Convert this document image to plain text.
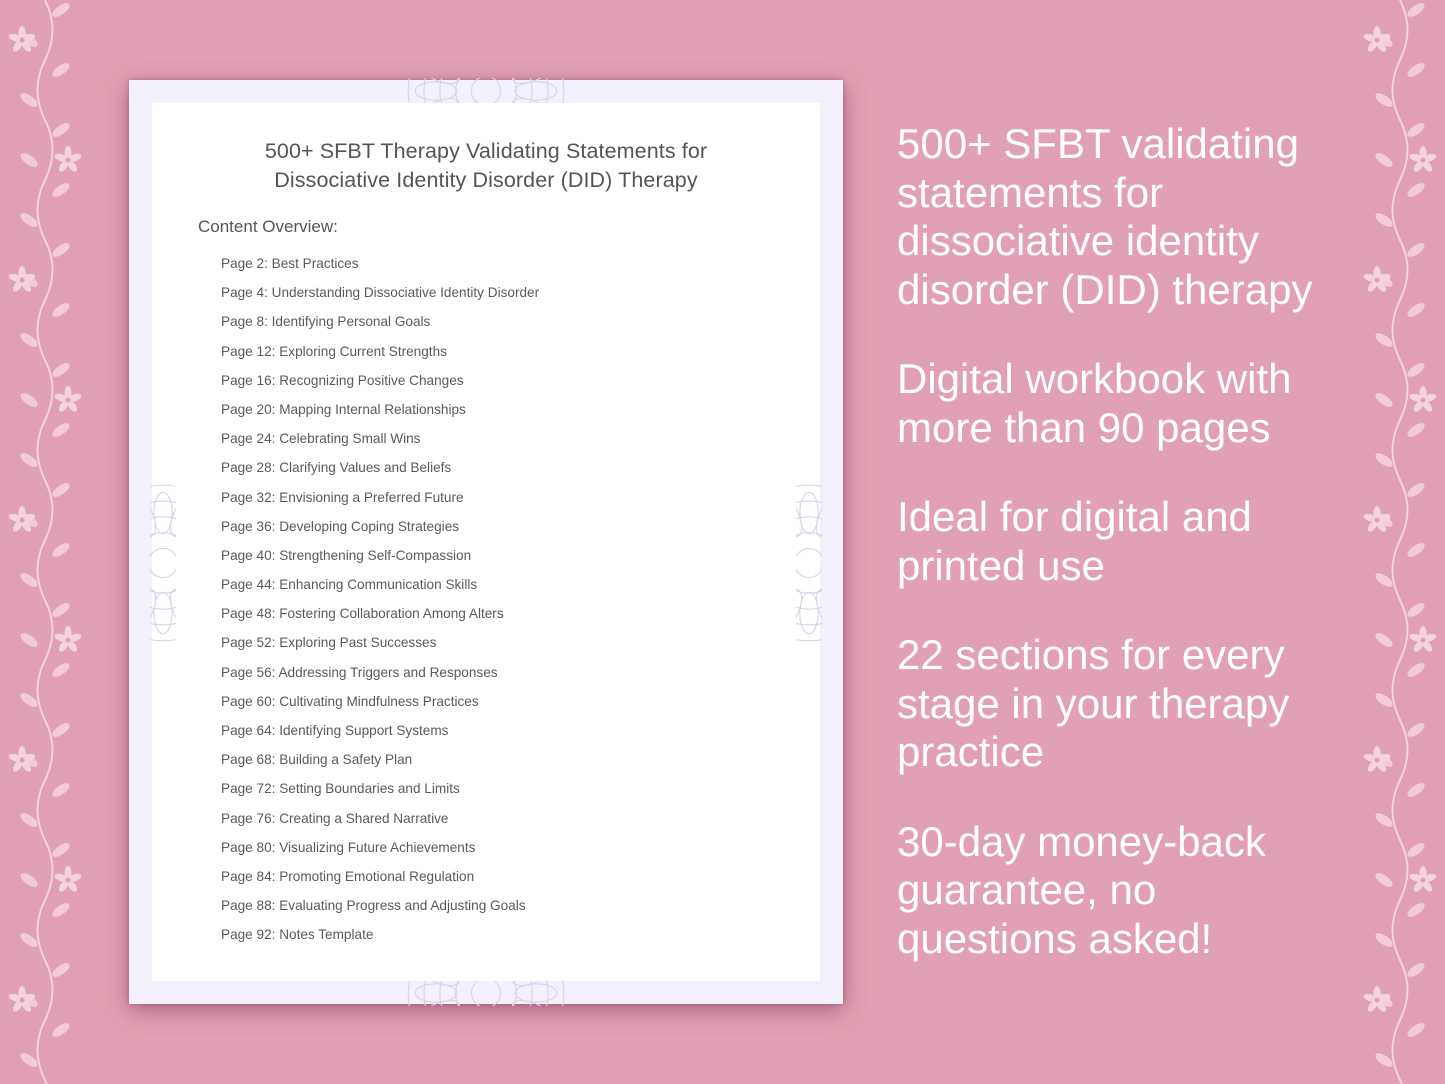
500+ SFBT Therapy Validating Statements for
Dissociative Identity Disorder (DID) Therapy
Content Overview:
Page 2: Best Practices
Page 4: Understanding Dissociative Identity Disorder
Page 8: Identifying Personal Goals
Page 12: Exploring Current Strengths
Page 16: Recognizing Positive Changes
Page 20: Mapping Internal Relationships
Page 24: Celebrating Small Wins
Page 28: Clarifying Values and Beliefs
Page 32: Envisioning a Preferred Future
Page 36: Developing Coping Strategies
Page 40: Strengthening Self-Compassion
Page 44: Enhancing Communication Skills
Page 48: Fostering Collaboration Among Alters
Page 52: Exploring Past Successes
Page 56: Addressing Triggers and Responses
Page 60: Cultivating Mindfulness Practices
Page 64: Identifying Support Systems
Page 68: Building a Safety Plan
Page 72: Setting Boundaries and Limits
Page 76: Creating a Shared Narrative
Page 80: Visualizing Future Achievements
Page 84: Promoting Emotional Regulation
Page 88: Evaluating Progress and Adjusting Goals
Page 92: Notes Template
500+ SFBT validating
statements for
dissociative identity
disorder (DID) therapy
Digital workbook with
more than 90 pages
Ideal for digital and
printed use
22 sections for every
stage in your therapy
practice
30-day money-back
guarantee, no
questions asked!
